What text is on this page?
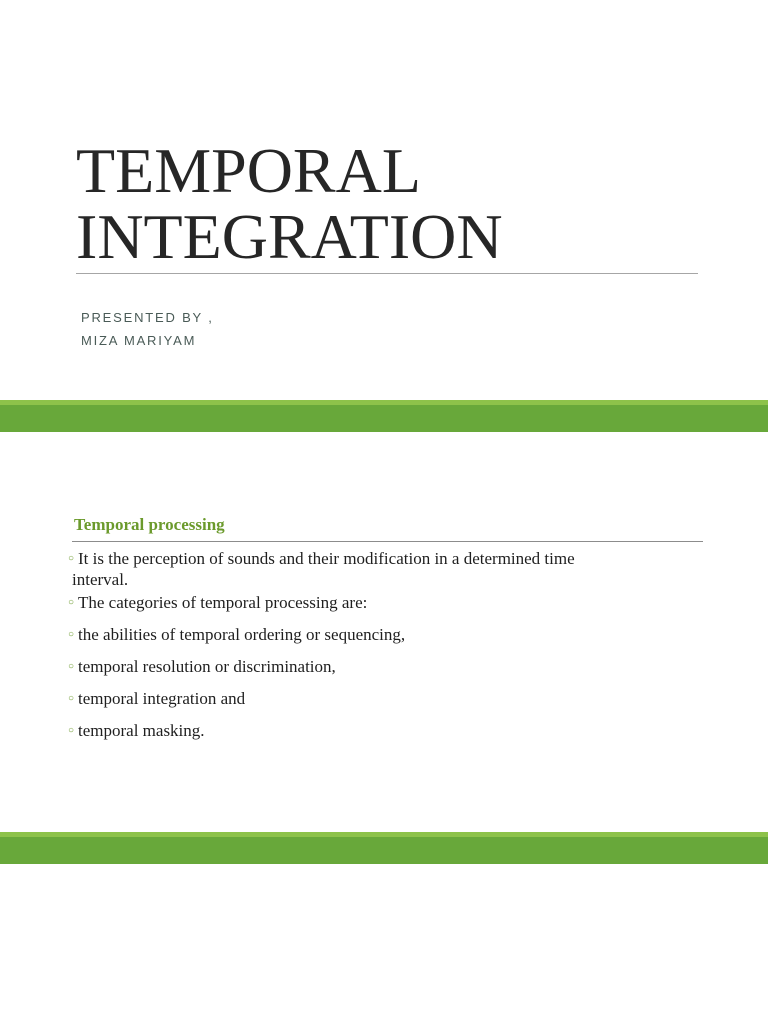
TEMPORAL
INTEGRATION
PRESENTED BY ,
MIZA MARIYAM
Temporal processing
○ It is the perception of sounds and their modification in a determined time
interval.
○ The categories of temporal processing are:
○ the abilities of temporal ordering or sequencing,
○ temporal resolution or discrimination,
○ temporal integration and
○ temporal masking.
